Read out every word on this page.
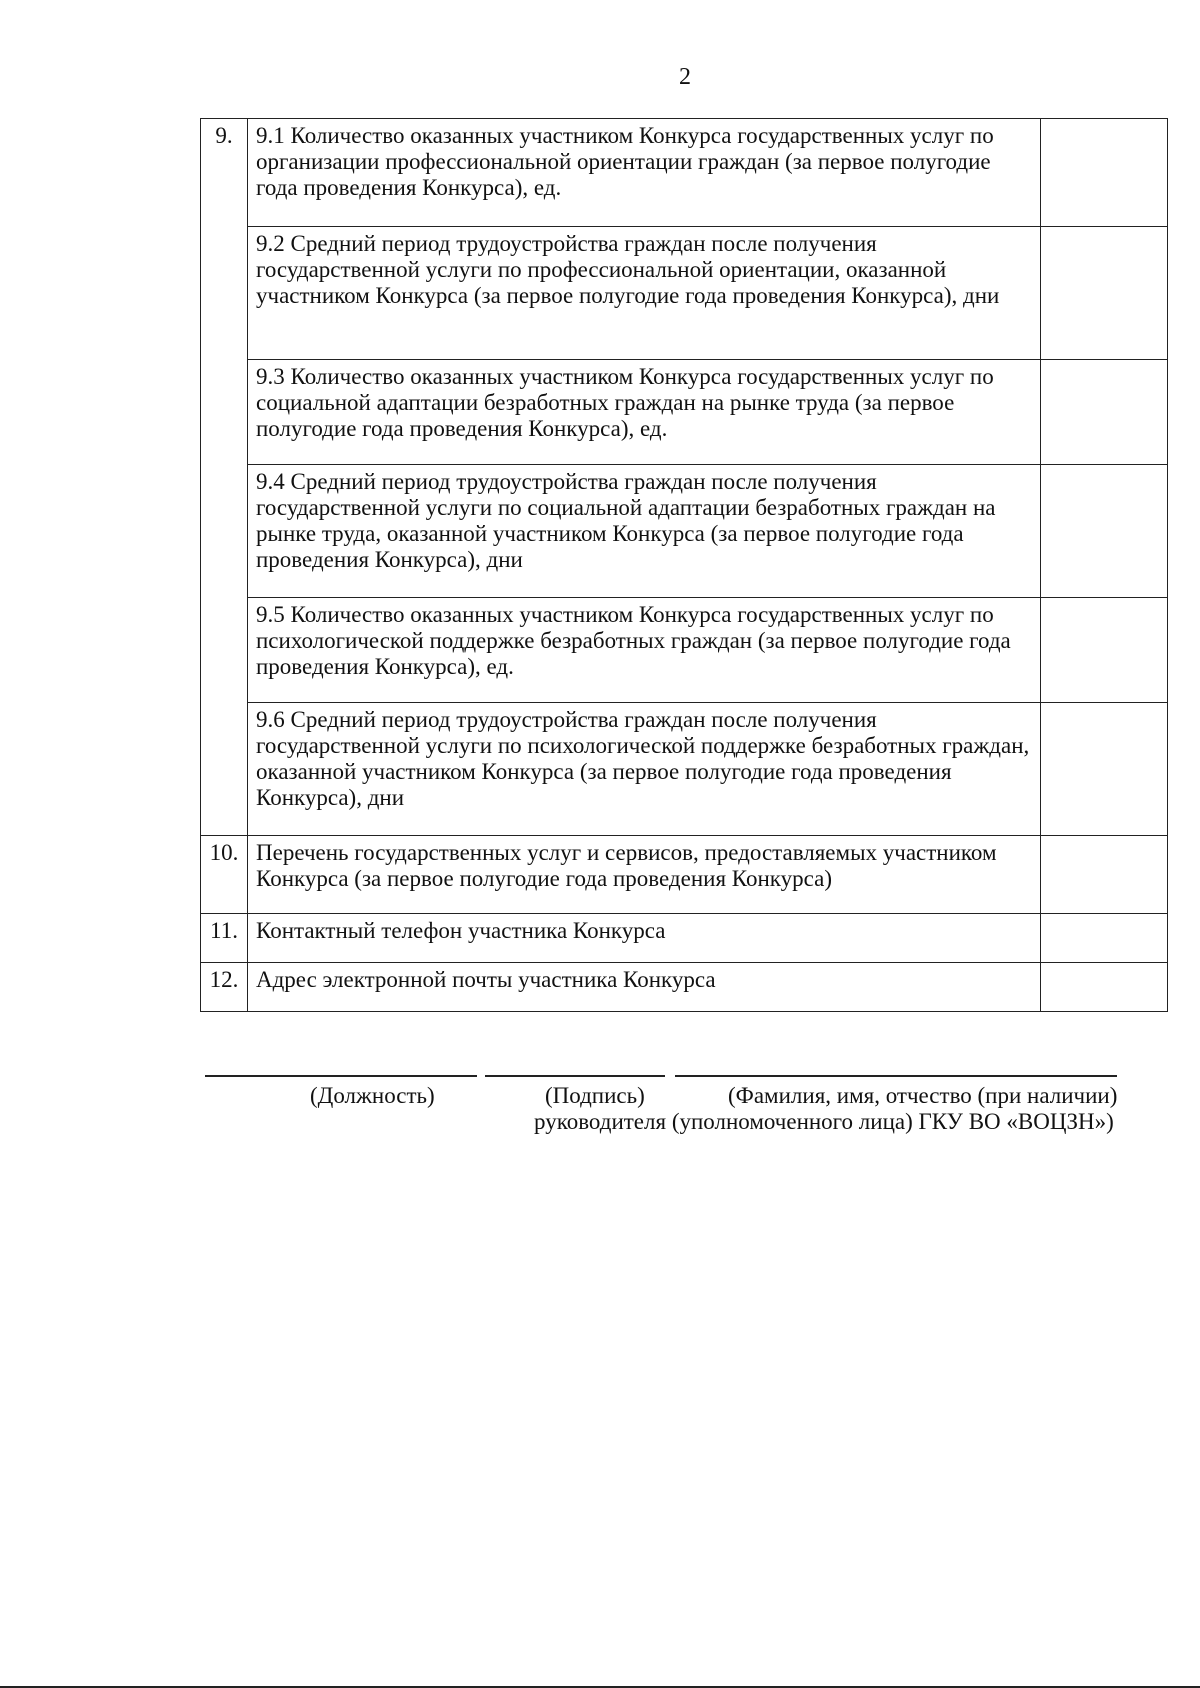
2
9.	9.1 Количество оказанных участником Конкурса государственных услуг по организации профессиональной ориентации граждан (за первое полугодие года проведения Конкурса), ед.	
	9.2 Средний период трудоустройства граждан после получения государственной услуги по профессиональной ориентации, оказанной участником Конкурса (за первое полугодие года проведения Конкурса), дни	
	9.3 Количество оказанных участником Конкурса государственных услуг по социальной адаптации безработных граждан на рынке труда (за первое полугодие года проведения Конкурса), ед.	
	9.4 Средний период трудоустройства граждан после получения государственной услуги по социальной адаптации безработных граждан на рынке труда, оказанной участником Конкурса (за первое полугодие года проведения Конкурса), дни	
	9.5 Количество оказанных участником Конкурса государственных услуг по психологической поддержке безработных граждан (за первое полугодие года проведения Конкурса), ед.	
	9.6 Средний период трудоустройства граждан после получения государственной услуги по психологической поддержке безработных граждан, оказанной участником Конкурса (за первое полугодие года проведения Конкурса), дни	
10.	Перечень государственных услуг и сервисов, предоставляемых участником Конкурса (за первое полугодие года проведения Конкурса)	
11.	Контактный телефон участника Конкурса	
12.	Адрес электронной почты участника Конкурса	
(Должность)	(Подпись)	(Фамилия, имя, отчество (при наличии)
руководителя (уполномоченного лица) ГКУ ВО «ВОЦЗН»)
